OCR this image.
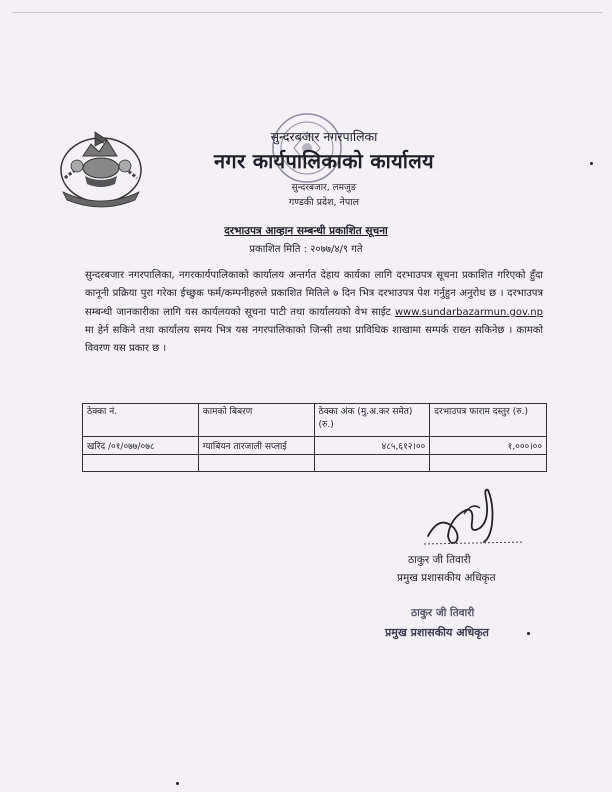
सुन्दरबजार नगरपालिका
नगर कार्यपालिकाको कार्यालय
सुन्दरबजार, लमजुङ
गण्डकी प्रदेश, नेपाल
दरभाउपत्र आव्हान सम्बन्धी प्रकाशित सूचना
प्रकाशित मिति : २०७७/४/९ गते
सुन्दरबजार नगरपालिका, नगरकार्यपालिकाको कार्यालय अन्तर्गत देहाय कार्यका लागि दरभाउपत्र सूचना प्रकाशित गरिएको हुँदा कानूनी प्रक्रिया पुरा गरेका ईच्छुक फर्म/कम्पनीहरुले प्रकाशित मितिले ७ दिन भित्र दरभाउपत्र पेश गर्नुहुन अनुरोध छ । दरभाउपत्र सम्बन्धी जानकारीका लागि यस कार्यलयको सूचना पाटी तथा कार्यालयको वेभ साईट www.sundarbazarmun.gov.np मा हेर्न सकिने तथा कार्यालय समय भित्र यस नगरपालिकाको जिन्सी तथा प्राविधिक शाखामा सम्पर्क राख्न सकिनेछ । कामको विवरण यस प्रकार छ ।
ठेक्का नं.	कामको बिबरण	ठेक्का अंक (मु.अ.कर समेत) (रु.)	दरभाउपत्र फाराम दस्तुर (रु.)
खरिद /०१/०७७/०७८	ग्याबियन तारजाली सप्लाई	४८५,६१२।००	१,०००।००

ठाकुर जी तिवारी
प्रमुख प्रशासकीय अधिकृत
ठाकुर जी तिवारी
प्रमुख प्रशासकीय अधिकृत
